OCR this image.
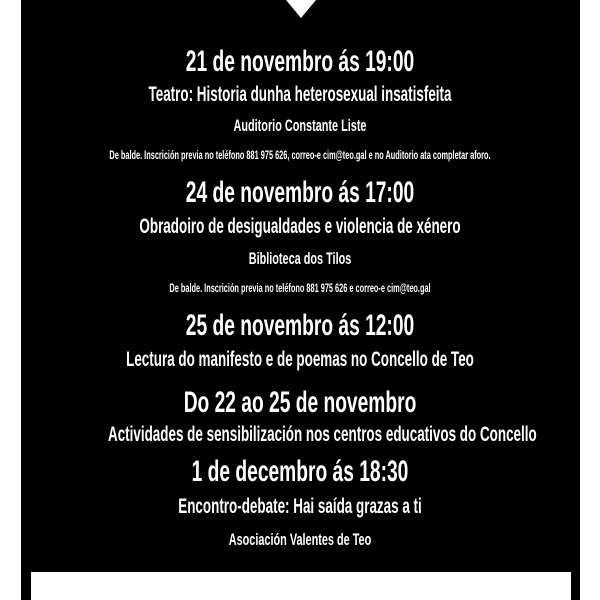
21 de novembro ás 19:00
Teatro: Historia dunha heterosexual insatisfeita
Auditorio Constante Liste
De balde. Inscrición previa no teléfono 881 975 626, correo-e cim@teo.gal e no Auditorio ata completar aforo.
24 de novembro ás 17:00
Obradoiro de desigualdades e violencia de xénero
Biblioteca dos Tilos
De balde. Inscrición previa no teléfono 881 975 626 e correo-e cim@teo.gal
25 de novembro ás 12:00
Lectura do manifesto e de poemas no Concello de Teo
Do 22 ao 25 de novembro
Actividades de sensibilización nos centros educativos do Concello
1 de decembro ás 18:30
Encontro-debate: Hai saída grazas a ti
Asociación Valentes de Teo
